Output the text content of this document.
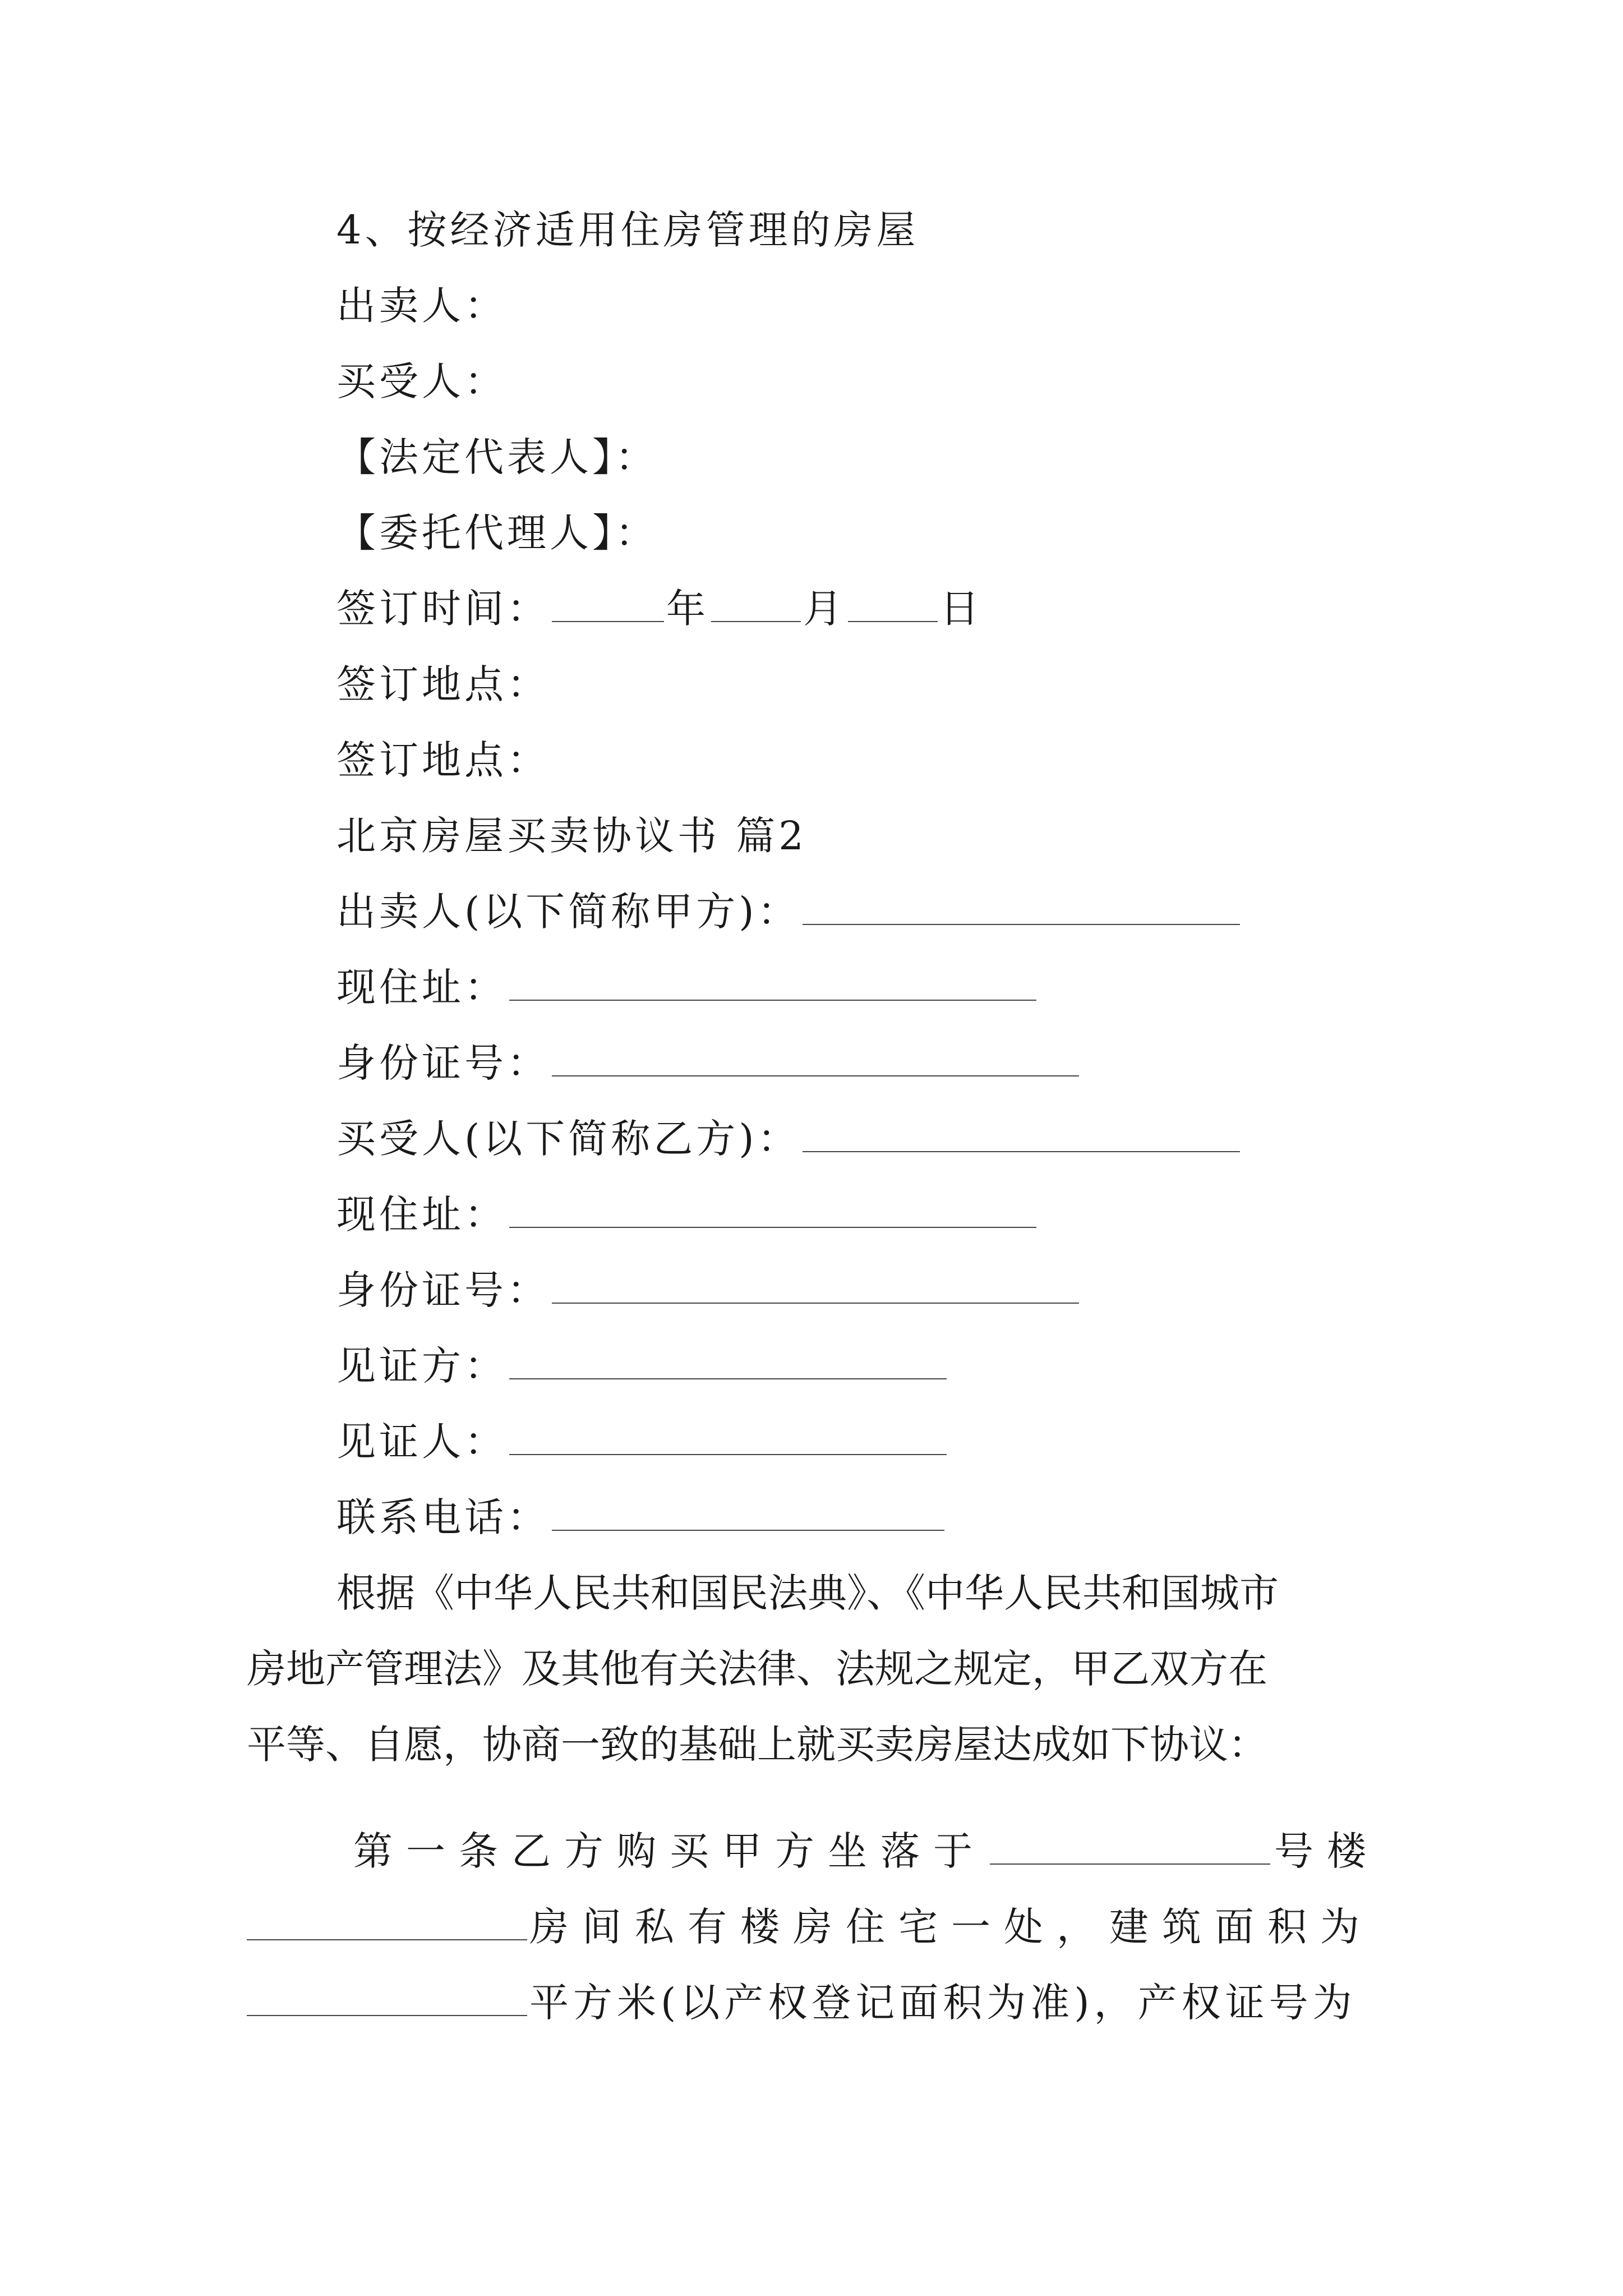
4、按经济适用住房管理的房屋
出卖人：
买受人：
【法定代表人】：
【委托代理人】：
签订时间：	年 月 日
签订地点：
签订地点：
北京房屋买卖协议书 篇2
出卖人(以下简称甲方)：
现住址：
身份证号：
买受人(以下简称乙方)：
现住址：
身份证号：
见证方：
见证人：
联系电话：
根据《中华人民共和国民法典》、《中华人民共和国城市
房地产管理法》及其他有关法律、法规之规定，甲乙双方在
平等、自愿，协商一致的基础上就买卖房屋达成如下协议：
第一条乙方购买甲方坐落于	号楼
房间私有楼房住宅一处，建筑面积为
平方米(以产权登记面积为准)，产权证号为
